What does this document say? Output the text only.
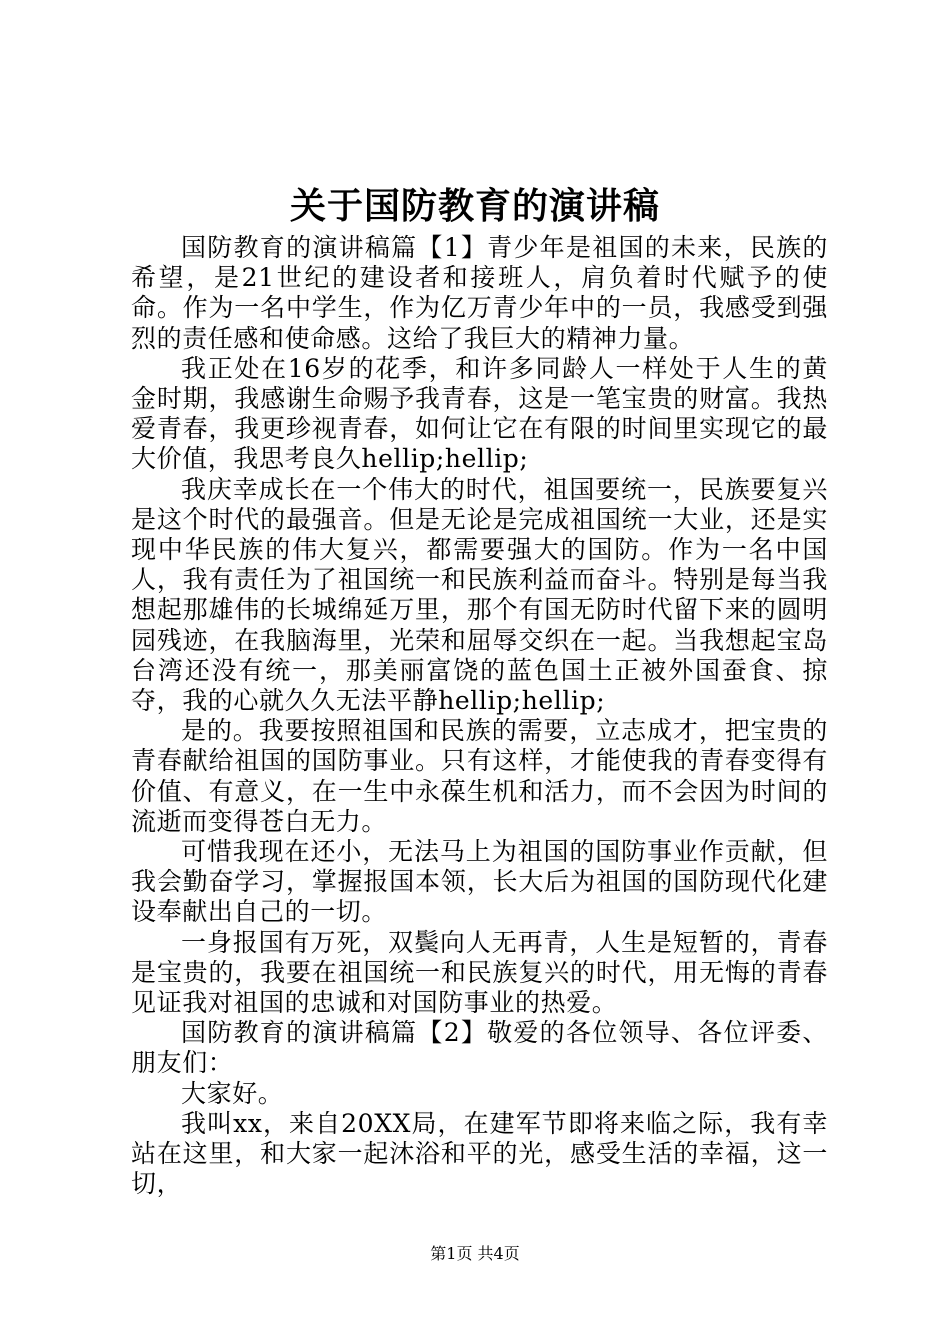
关于国防教育的演讲稿

国防教育的演讲稿篇【1】青少年是祖国的未来，民族的希望，是21世纪的建设者和接班人，肩负着时代赋予的使命。作为一名中学生，作为亿万青少年中的一员，我感受到强烈的责任感和使命感。这给了我巨大的精神力量。

我正处在16岁的花季，和许多同龄人一样处于人生的黄金时期，我感谢生命赐予我青春，这是一笔宝贵的财富。我热爱青春，我更珍视青春，如何让它在有限的时间里实现它的最大价值，我思考良久hellip;hellip;

我庆幸成长在一个伟大的时代，祖国要统一，民族要复兴是这个时代的最强音。但是无论是完成祖国统一大业，还是实现中华民族的伟大复兴，都需要强大的国防。作为一名中国人，我有责任为了祖国统一和民族利益而奋斗。特别是每当我想起那雄伟的长城绵延万里，那个有国无防时代留下来的圆明园残迹，在我脑海里，光荣和屈辱交织在一起。当我想起宝岛台湾还没有统一，那美丽富饶的蓝色国土正被外国蚕食、掠夺，我的心就久久无法平静hellip;hellip;

是的。我要按照祖国和民族的需要，立志成才，把宝贵的青春献给祖国的国防事业。只有这样，才能使我的青春变得有价值、有意义，在一生中永葆生机和活力，而不会因为时间的流逝而变得苍白无力。

可惜我现在还小，无法马上为祖国的国防事业作贡献，但我会勤奋学习，掌握报国本领，长大后为祖国的国防现代化建设奉献出自己的一切。

一身报国有万死，双鬓向人无再青，人生是短暂的，青春是宝贵的，我要在祖国统一和民族复兴的时代，用无悔的青春见证我对祖国的忠诚和对国防事业的热爱。

国防教育的演讲稿篇【2】敬爱的各位领导、各位评委、朋友们：

大家好。

我叫xx，来自20XX局，在建军节即将来临之际，我有幸站在这里，和大家一起沐浴和平的光，感受生活的幸福，这一切，

第1页 共4页
